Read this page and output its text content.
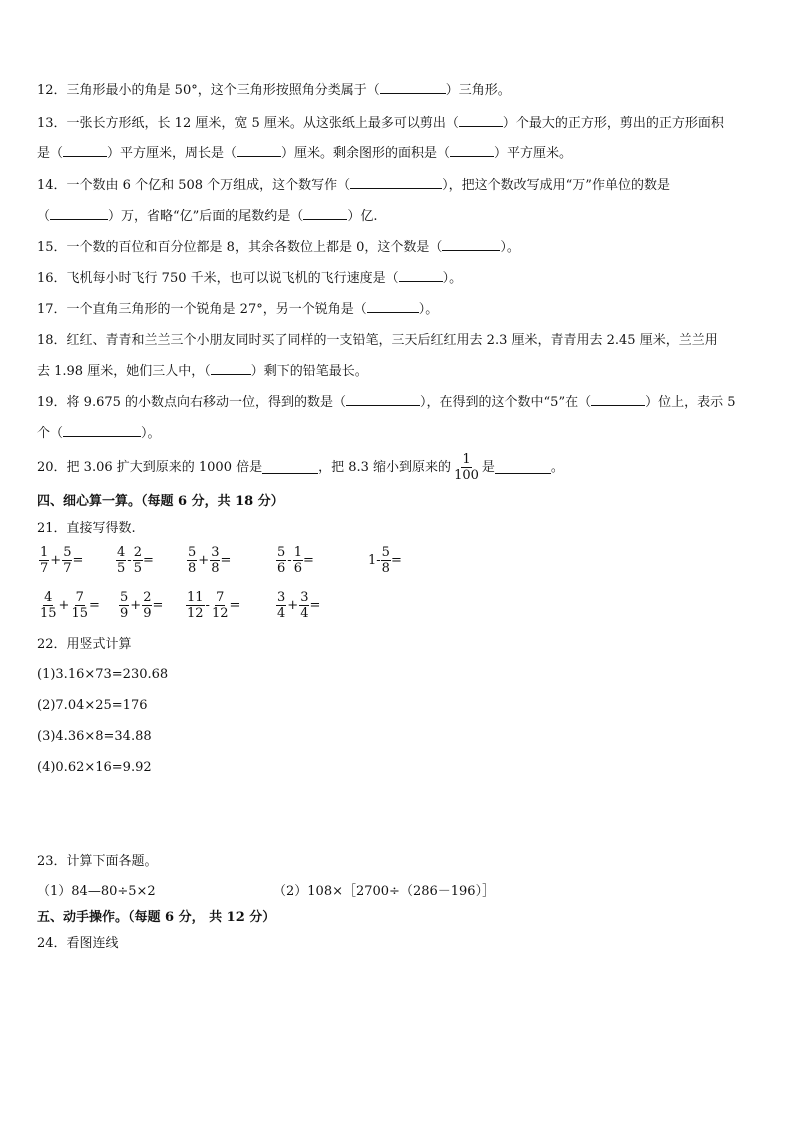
12．三角形最小的角是 50°，这个三角形按照角分类属于（	）三角形。
13．一张长方形纸，长 12 厘米，宽 5 厘米。从这张纸上最多可以剪出（	）个最大的正方形，剪出的正方形面积
是（	）平方厘米，周长是（	）厘米。剩余图形的面积是（	）平方厘米。
14．一个数由 6 个亿和 508 个万组成，这个数写作（	），把这个数改写成用“万”作单位的数是
（	）万，省略“亿”后面的尾数约是（	）亿.
15．一个数的百位和百分位都是 8，其余各数位上都是 0，这个数是（	）。
16．飞机每小时飞行 750 千米，也可以说飞机的飞行速度是（	）。
17．一个直角三角形的一个锐角是 27°，另一个锐角是（	）。
18．红红、青青和兰兰三个小朋友同时买了同样的一支铅笔，三天后红红用去 2.3 厘米，青青用去 2.45 厘米，兰兰用
去 1.98 厘米，她们三人中，（	）剩下的铅笔最长。
19．将 9.675 的小数点向右移动一位，得到的数是（	），在得到的这个数中“5”在（	）位上，表示 5
个（	）。
20．把 3.06 扩大到原来的 1000 倍是	，把 8.3 缩小到原来的 $\frac{1}{100}$ 是	。
四、细心算一算。（每题 6 分，共 18 分）
21．直接写得数.
$\frac{1}{7} + \frac{5}{7}$ =	$\frac{4}{5} - \frac{2}{5}$ =	$\frac{5}{8} + \frac{3}{8}$ =	$\frac{5}{6} - \frac{1}{6}$ =	$1- \frac{5}{8}$ =
$\frac{4}{15} + \frac{7}{15} = \frac{5}{9} + \frac{2}{9} = \frac{11}{12} - \frac{7}{12}$ =	$\frac{3}{4} + \frac{3}{4}$ =
22．用竖式计算
(1)3.16×73=230.68
(2)7.04×25=176
(3)4.36×8=34.88
(4)0.62×16=9.92
23．计算下面各题。
（1）84—80÷5×2	（2）108×［2700÷（286－196）］
五、动手操作。（每题 6 分， 共 12 分）
24．看图连线
